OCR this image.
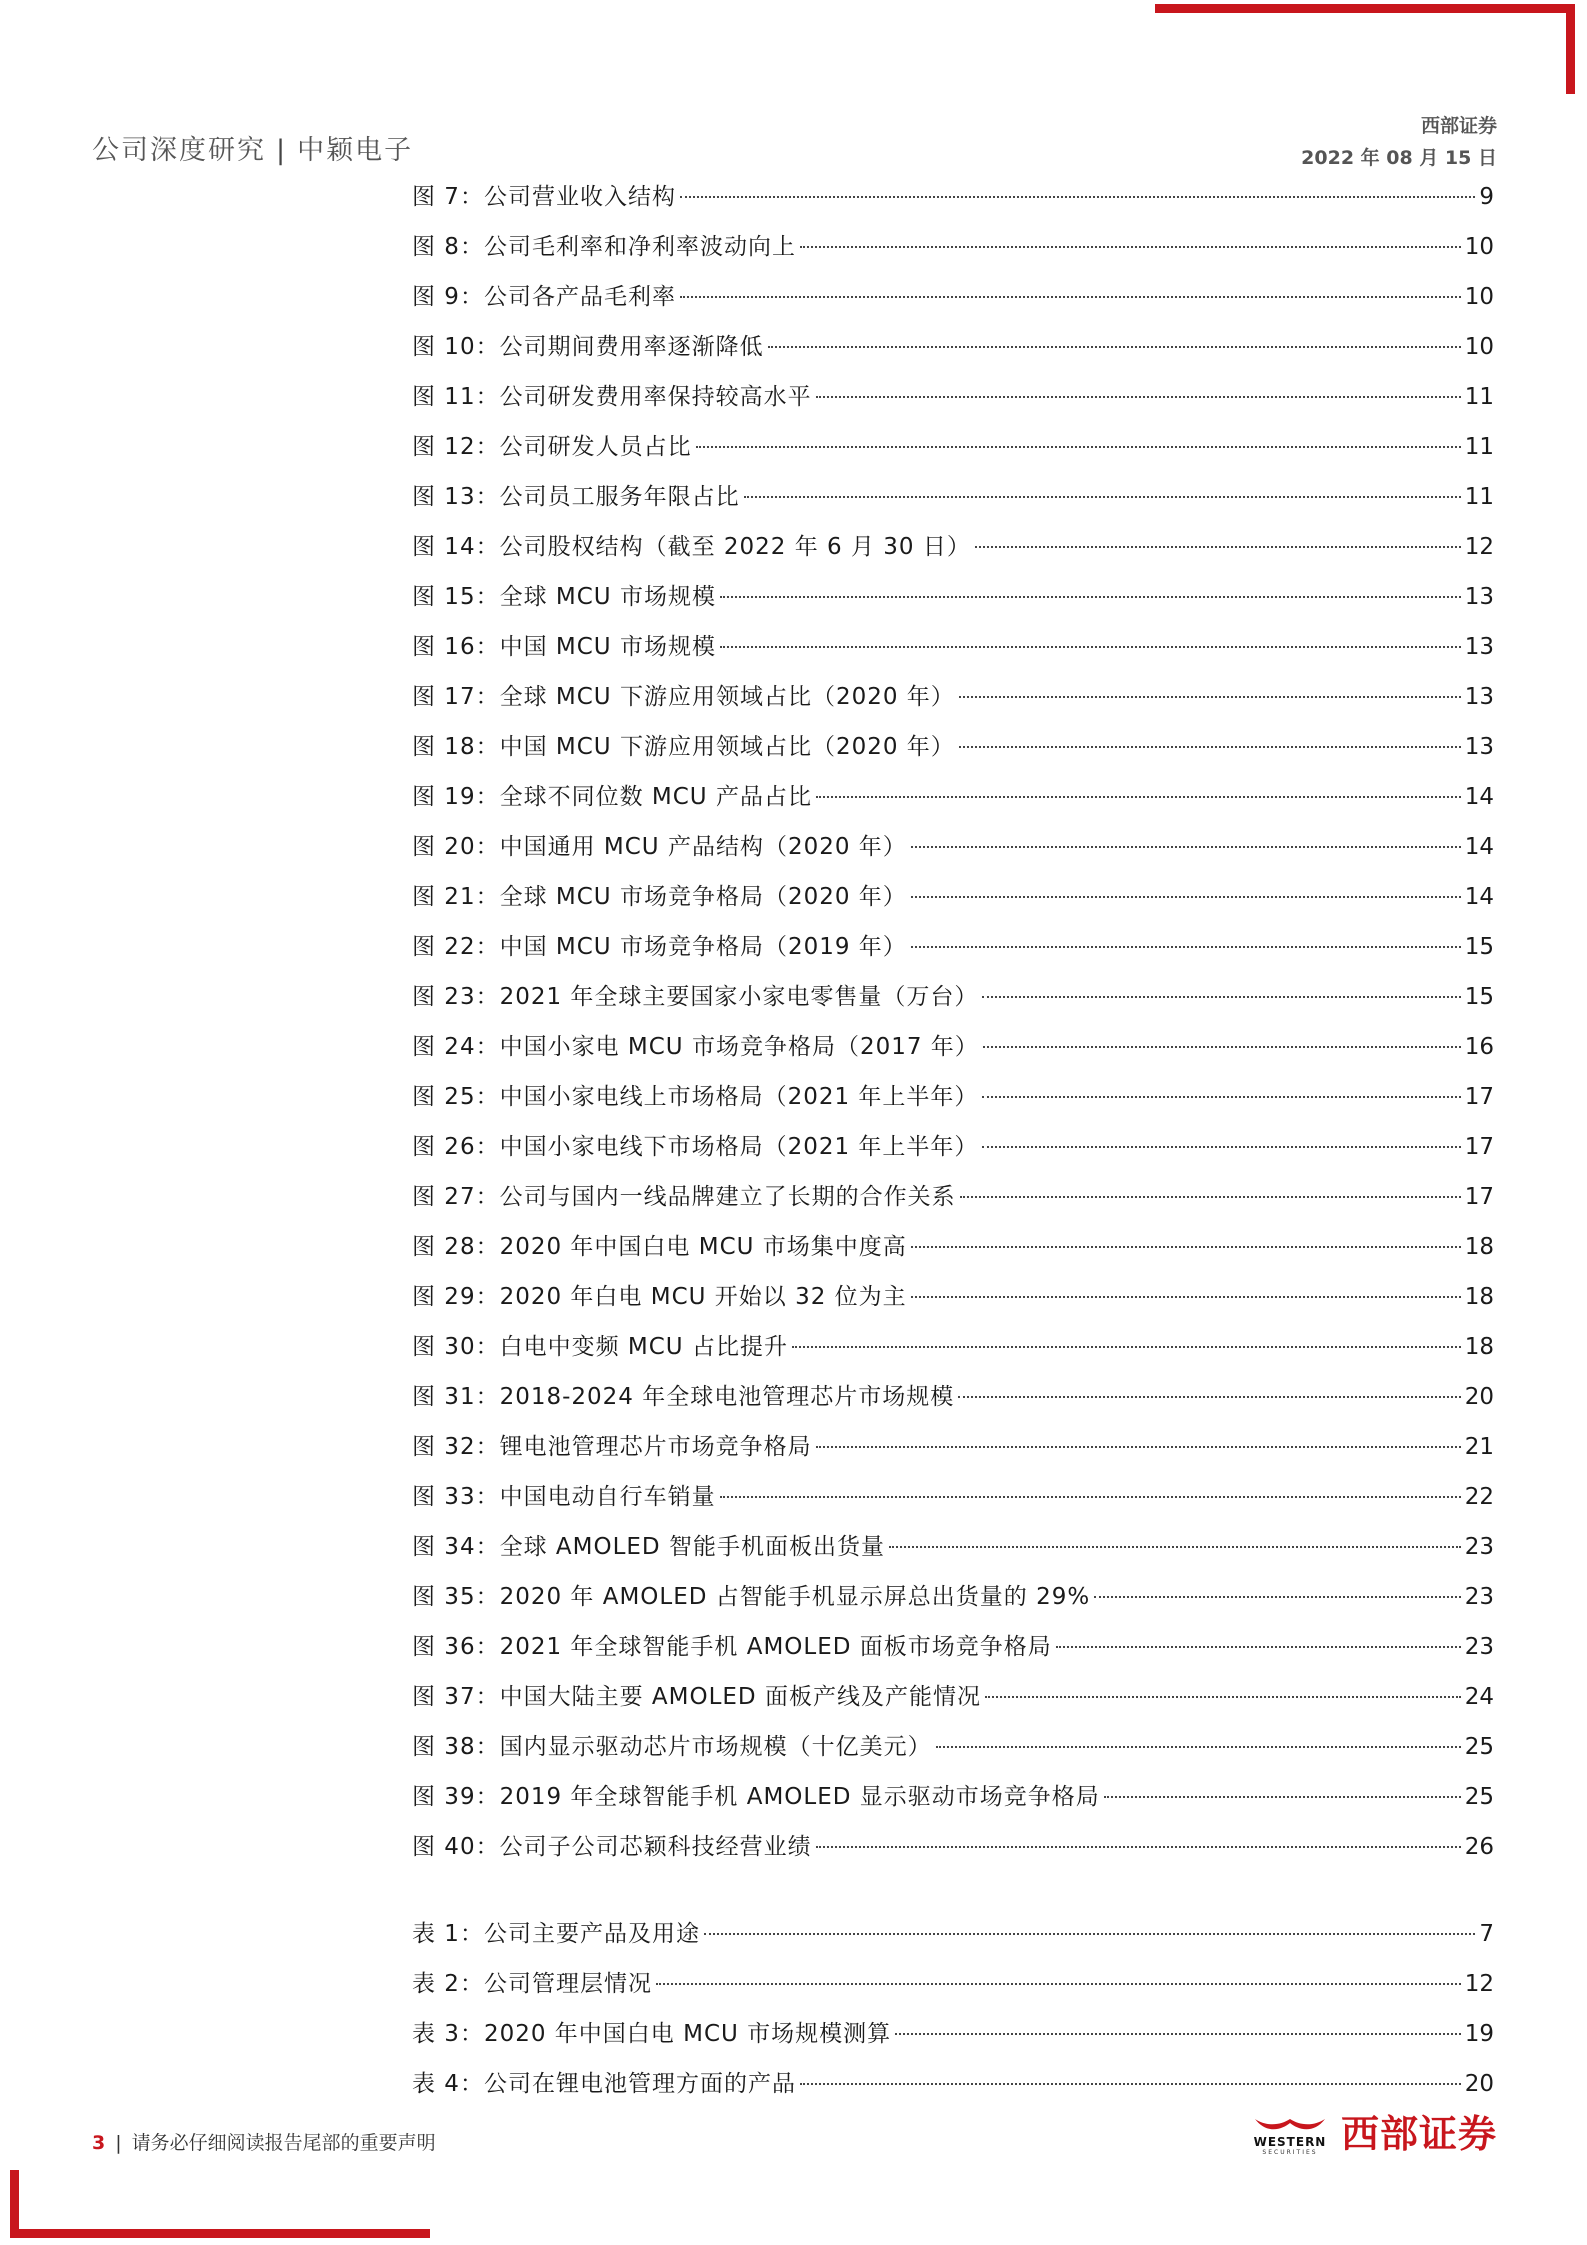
公司深度研究 | 中颖电子
西部证券
2022 年 08 月 15 日
图 7：公司营业收入结构	9
图 8：公司毛利率和净利率波动向上	10
图 9：公司各产品毛利率	10
图 10：公司期间费用率逐渐降低	10
图 11：公司研发费用率保持较高水平	11
图 12：公司研发人员占比	11
图 13：公司员工服务年限占比	11
图 14：公司股权结构（截至 2022 年 6 月 30 日）	12
图 15：全球 MCU 市场规模	13
图 16：中国 MCU 市场规模	13
图 17：全球 MCU 下游应用领域占比（2020 年）	13
图 18：中国 MCU 下游应用领域占比（2020 年）	13
图 19：全球不同位数 MCU 产品占比	14
图 20：中国通用 MCU 产品结构（2020 年）	14
图 21：全球 MCU 市场竞争格局（2020 年）	14
图 22：中国 MCU 市场竞争格局（2019 年）	15
图 23：2021 年全球主要国家小家电零售量（万台）	15
图 24：中国小家电 MCU 市场竞争格局（2017 年）	16
图 25：中国小家电线上市场格局（2021 年上半年）	17
图 26：中国小家电线下市场格局（2021 年上半年）	17
图 27：公司与国内一线品牌建立了长期的合作关系	17
图 28：2020 年中国白电 MCU 市场集中度高	18
图 29：2020 年白电 MCU 开始以 32 位为主	18
图 30：白电中变频 MCU 占比提升	18
图 31：2018-2024 年全球电池管理芯片市场规模	20
图 32：锂电池管理芯片市场竞争格局	21
图 33：中国电动自行车销量	22
图 34：全球 AMOLED 智能手机面板出货量	23
图 35：2020 年 AMOLED 占智能手机显示屏总出货量的 29%	23
图 36：2021 年全球智能手机 AMOLED 面板市场竞争格局	23
图 37：中国大陆主要 AMOLED 面板产线及产能情况	24
图 38：国内显示驱动芯片市场规模（十亿美元）	25
图 39：2019 年全球智能手机 AMOLED 显示驱动市场竞争格局	25
图 40：公司子公司芯颖科技经营业绩	26
表 1：公司主要产品及用途	7
表 2：公司管理层情况	12
表 3：2020 年中国白电 MCU 市场规模测算	19
表 4：公司在锂电池管理方面的产品	20
3 | 请务必仔细阅读报告尾部的重要声明	WESTERN
SECURITIES 西部证券
